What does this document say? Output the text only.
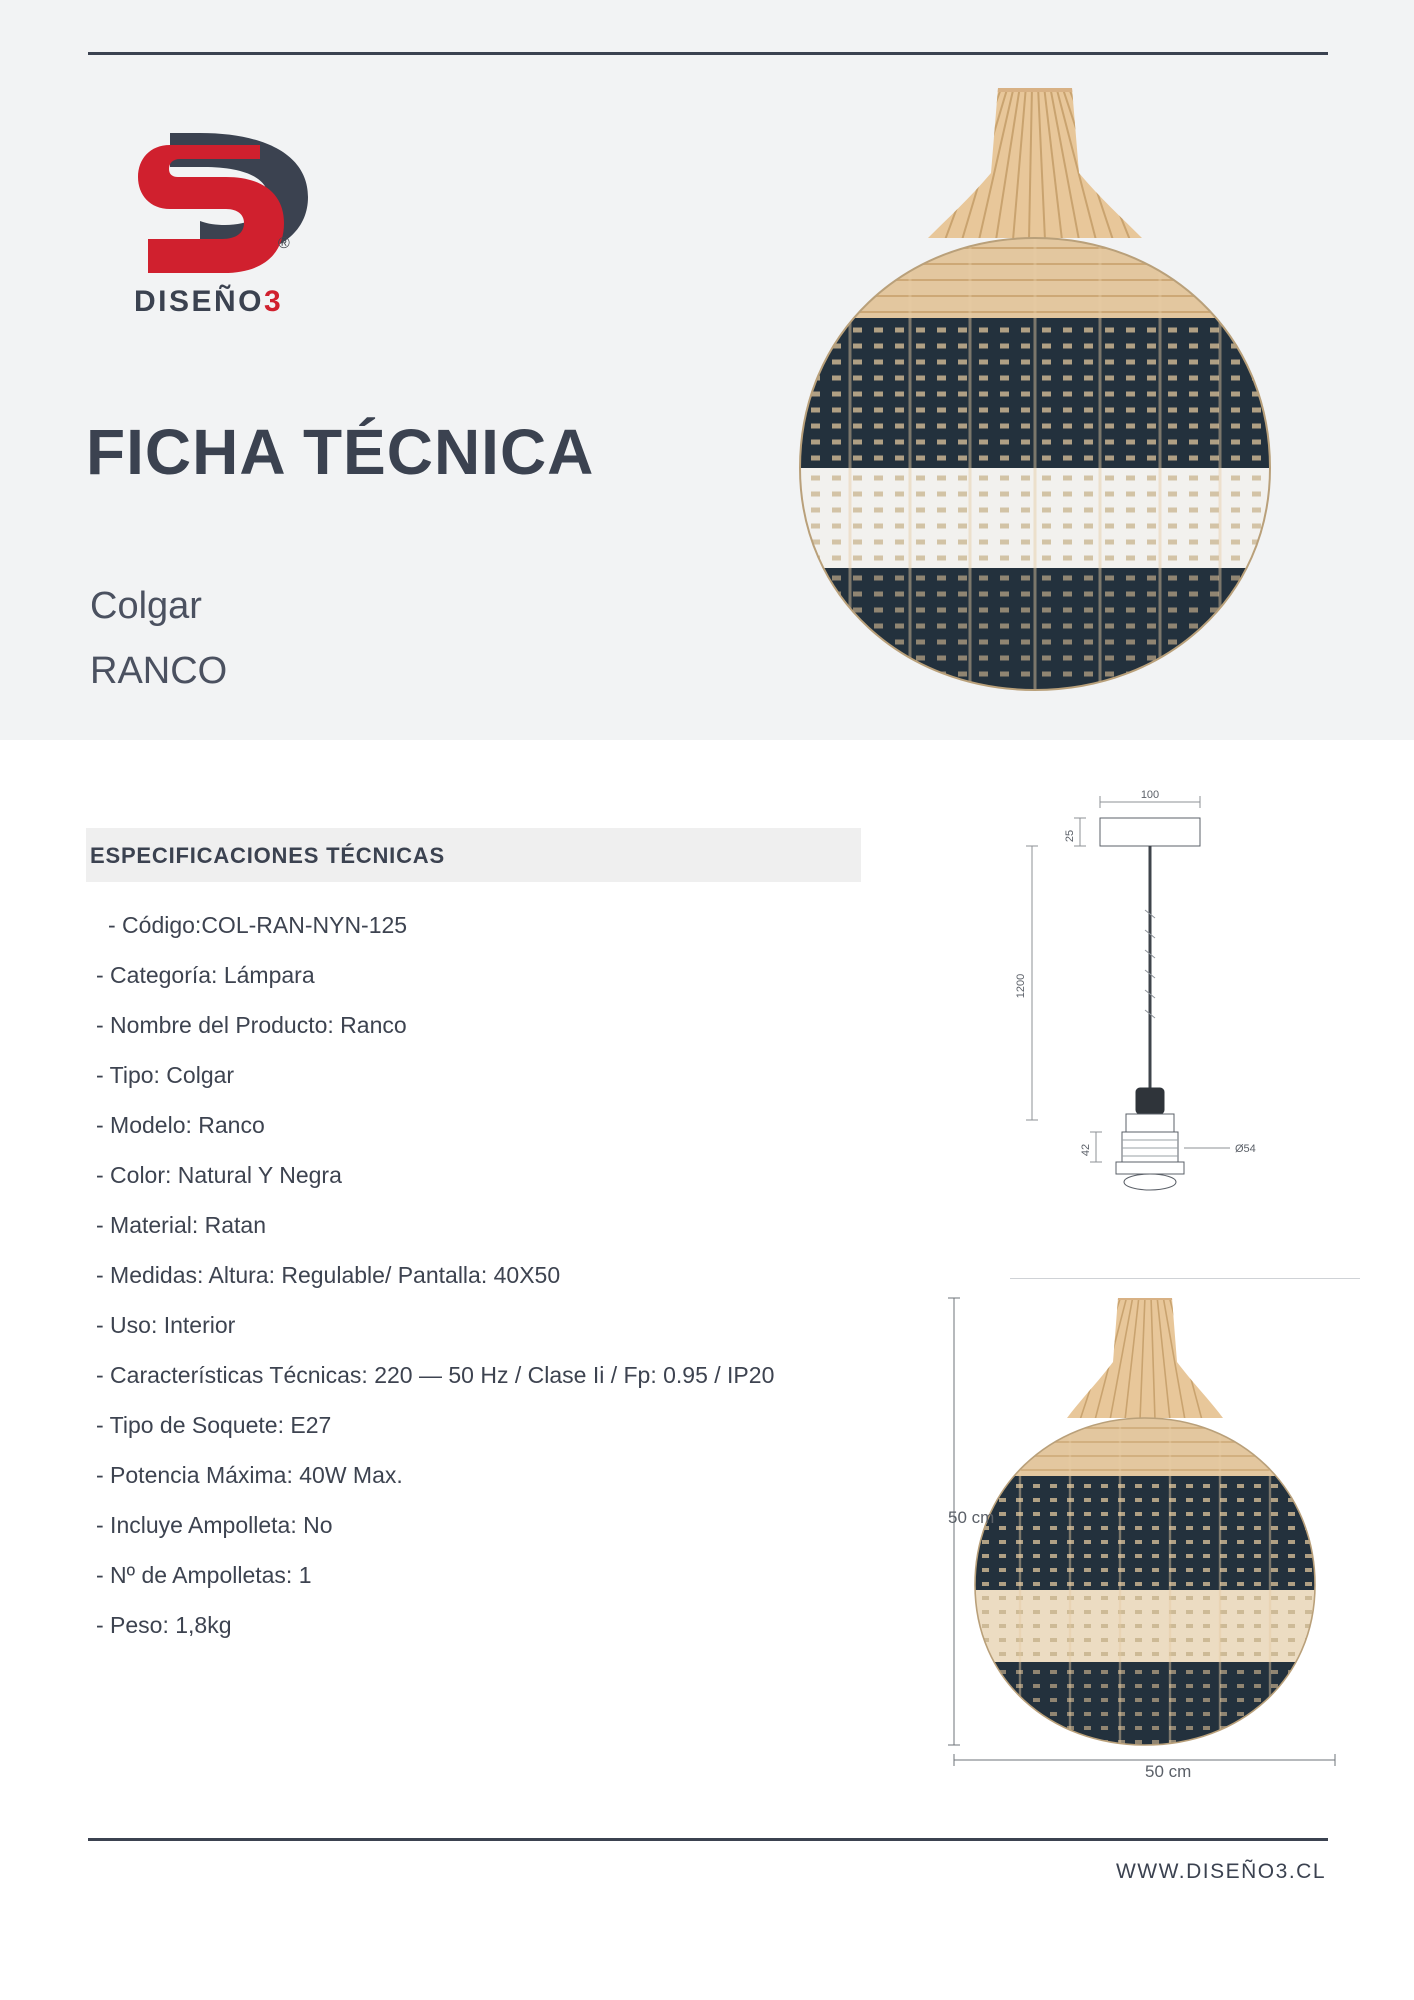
®
DISEÑO3
FICHA TÉCNICA
Colgar
RANCO
ESPECIFICACIONES TÉCNICAS
- Código:COL-RAN-NYN-125
- Categoría: Lámpara
- Nombre del Producto: Ranco
- Tipo: Colgar
- Modelo: Ranco
- Color: Natural Y Negra
- Material: Ratan
- Medidas: Altura: Regulable/ Pantalla: 40X50
- Uso: Interior
- Características Técnicas: 220 — 50 Hz / Clase Ii / Fp: 0.95 / IP20
- Tipo de Soquete: E27
- Potencia Máxima: 40W Max.
- Incluye Ampolleta: No
- Nº de Ampolletas: 1
- Peso: 1,8kg
100
25
1200
42	Ø54
50 cm
50 cm
WWW.DISEÑO3.CL
